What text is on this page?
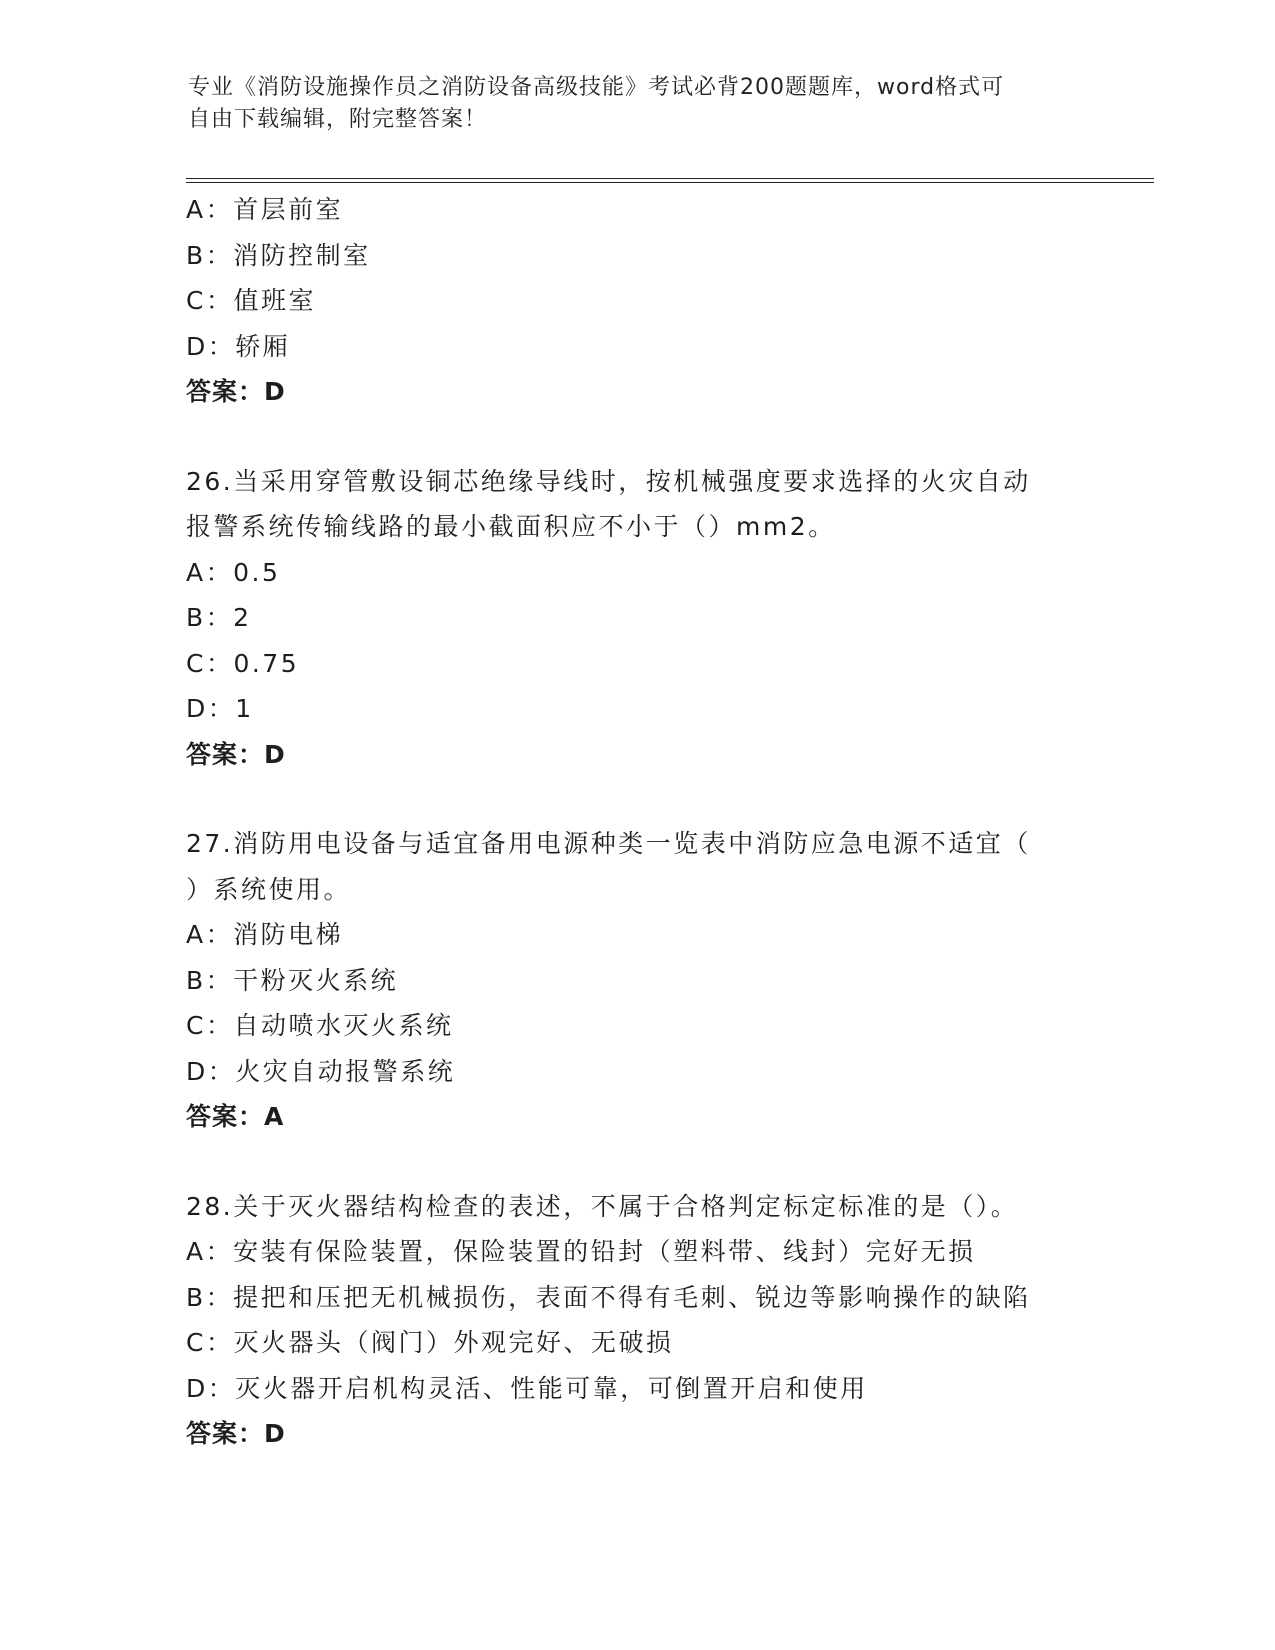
专业《消防设施操作员之消防设备高级技能》考试必背200题题库，word格式可
自由下载编辑，附完整答案！
A：首层前室
B：消防控制室
C：值班室
D：轿厢
答案：D
26.当采用穿管敷设铜芯绝缘导线时，按机械强度要求选择的火灾自动
报警系统传输线路的最小截面积应不小于（）mm2。
A：0.5
B：2
C：0.75
D：1
答案：D
27.消防用电设备与适宜备用电源种类一览表中消防应急电源不适宜（
）系统使用。
A：消防电梯
B：干粉灭火系统
C：自动喷水灭火系统
D：火灾自动报警系统
答案：A
28.关于灭火器结构检查的表述，不属于合格判定标定标准的是（）。
A：安装有保险装置，保险装置的铅封（塑料带、线封）完好无损
B：提把和压把无机械损伤，表面不得有毛刺、锐边等影响操作的缺陷
C：灭火器头（阀门）外观完好、无破损
D：灭火器开启机构灵活、性能可靠，可倒置开启和使用
答案：D
